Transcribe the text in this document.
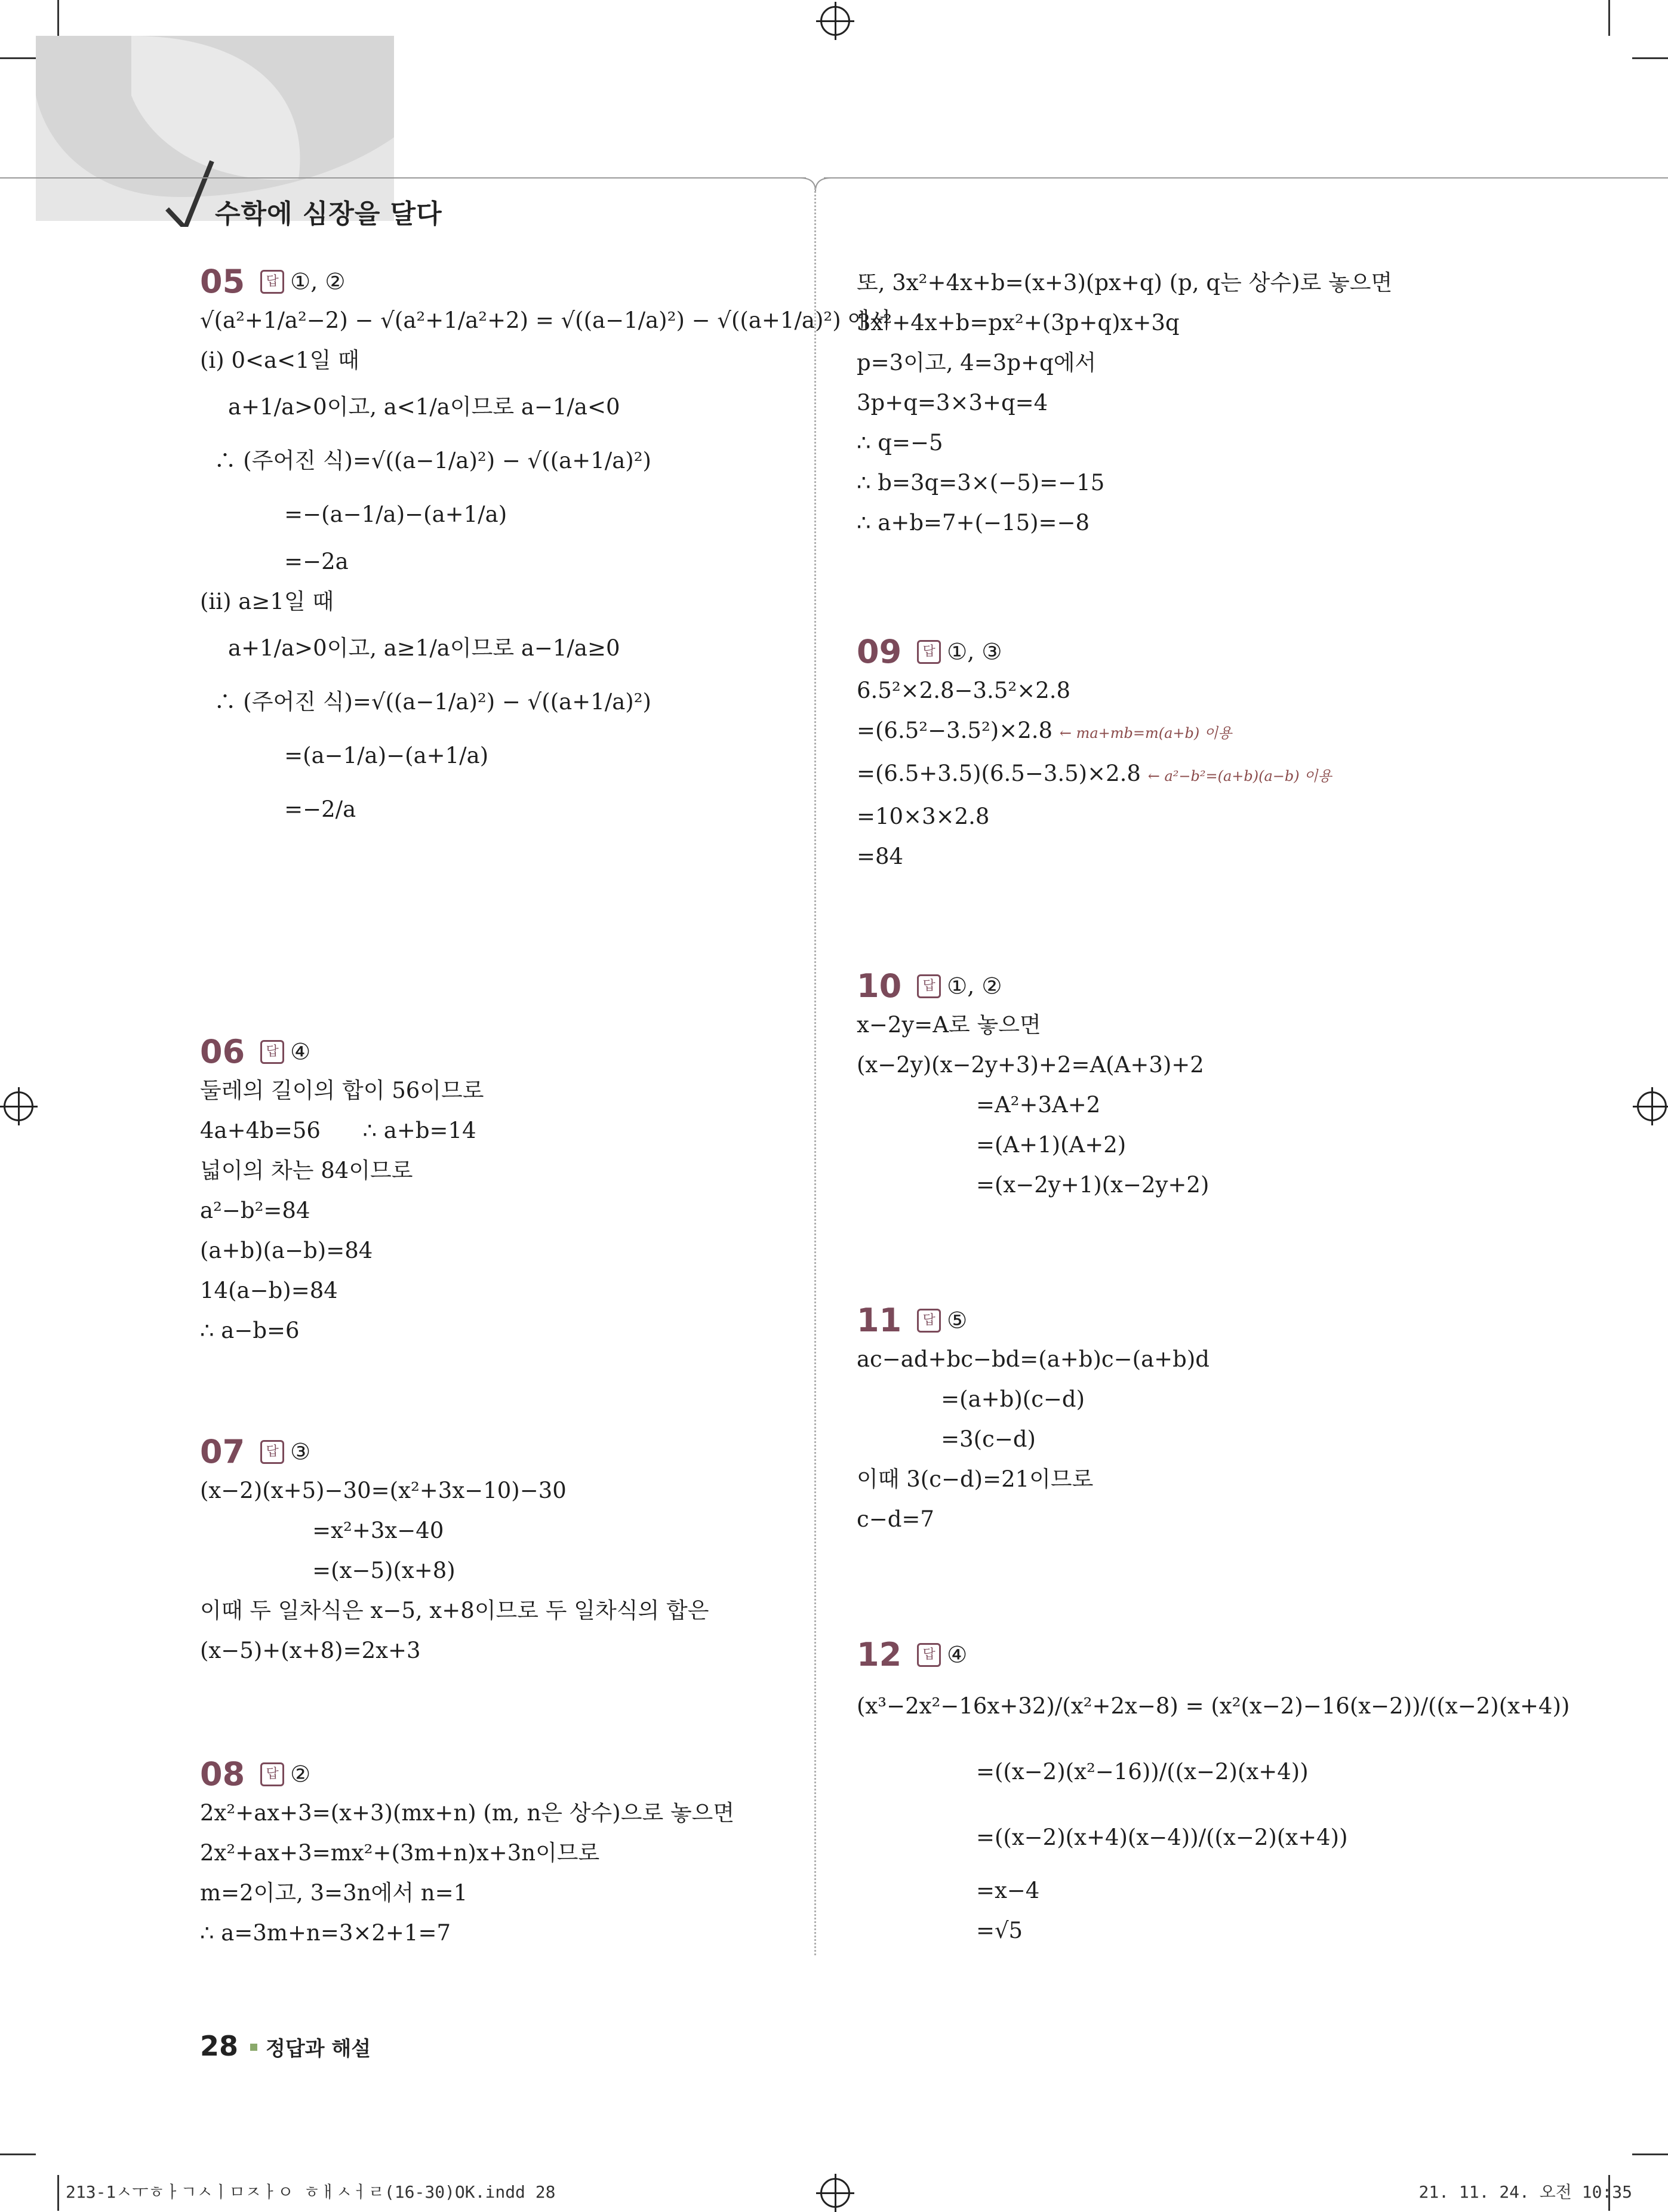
수학에 심장을 달다
05 답 ①, ②
√(a²+1/a²−2) − √(a²+1/a²+2) = √((a−1/a)²) − √((a+1/a)²) 에서
(i) 0<a<1일 때
a+1/a>0이고, a<1/a이므로 a−1/a<0
∴ (주어진 식)=√((a−1/a)²) − √((a+1/a)²)
=−(a−1/a)−(a+1/a)
=−2a
(ii) a≥1일 때
a+1/a>0이고, a≥1/a이므로 a−1/a≥0
∴ (주어진 식)=√((a−1/a)²) − √((a+1/a)²)
=(a−1/a)−(a+1/a)
=−2/a
06 답 ④
둘레의 길이의 합이 56이므로
4a+4b=56      ∴ a+b=14
넓이의 차는 84이므로
a²−b²=84
(a+b)(a−b)=84
14(a−b)=84
∴ a−b=6
07 답 ③
(x−2)(x+5)−30=(x²+3x−10)−30
=x²+3x−40
=(x−5)(x+8)
이때 두 일차식은 x−5, x+8이므로 두 일차식의 합은
(x−5)+(x+8)=2x+3
08 답 ②
2x²+ax+3=(x+3)(mx+n) (m, n은 상수)으로 놓으면
2x²+ax+3=mx²+(3m+n)x+3n이므로
m=2이고, 3=3n에서 n=1
∴ a=3m+n=3×2+1=7
또, 3x²+4x+b=(x+3)(px+q) (p, q는 상수)로 놓으면
3x²+4x+b=px²+(3p+q)x+3q
p=3이고, 4=3p+q에서
3p+q=3×3+q=4
∴ q=−5
∴ b=3q=3×(−5)=−15
∴ a+b=7+(−15)=−8
09 답 ①, ③
6.5²×2.8−3.5²×2.8
=(6.5²−3.5²)×2.8 ← ma+mb=m(a+b) 이용
=(6.5+3.5)(6.5−3.5)×2.8 ← a²−b²=(a+b)(a−b) 이용
=10×3×2.8
=84
10 답 ①, ②
x−2y=A로 놓으면
(x−2y)(x−2y+3)+2=A(A+3)+2
=A²+3A+2
=(A+1)(A+2)
=(x−2y+1)(x−2y+2)
11 답 ⑤
ac−ad+bc−bd=(a+b)c−(a+b)d
=(a+b)(c−d)
=3(c−d)
이때 3(c−d)=21이므로
c−d=7
12 답 ④
(x³−2x²−16x+32)/(x²+2x−8) = (x²(x−2)−16(x−2))/((x−2)(x+4))
=((x−2)(x²−16))/((x−2)(x+4))
=((x−2)(x+4)(x−4))/((x−2)(x+4))
=x−4
=√5
28 정답과 해설
213-1ㅅㅜㅎㅏㄱㅅㅣㅁㅈㅏㅇ ㅎㅐㅅㅓㄹ(16-30)OK.indd 28	21. 11. 24. 오전 10:35
